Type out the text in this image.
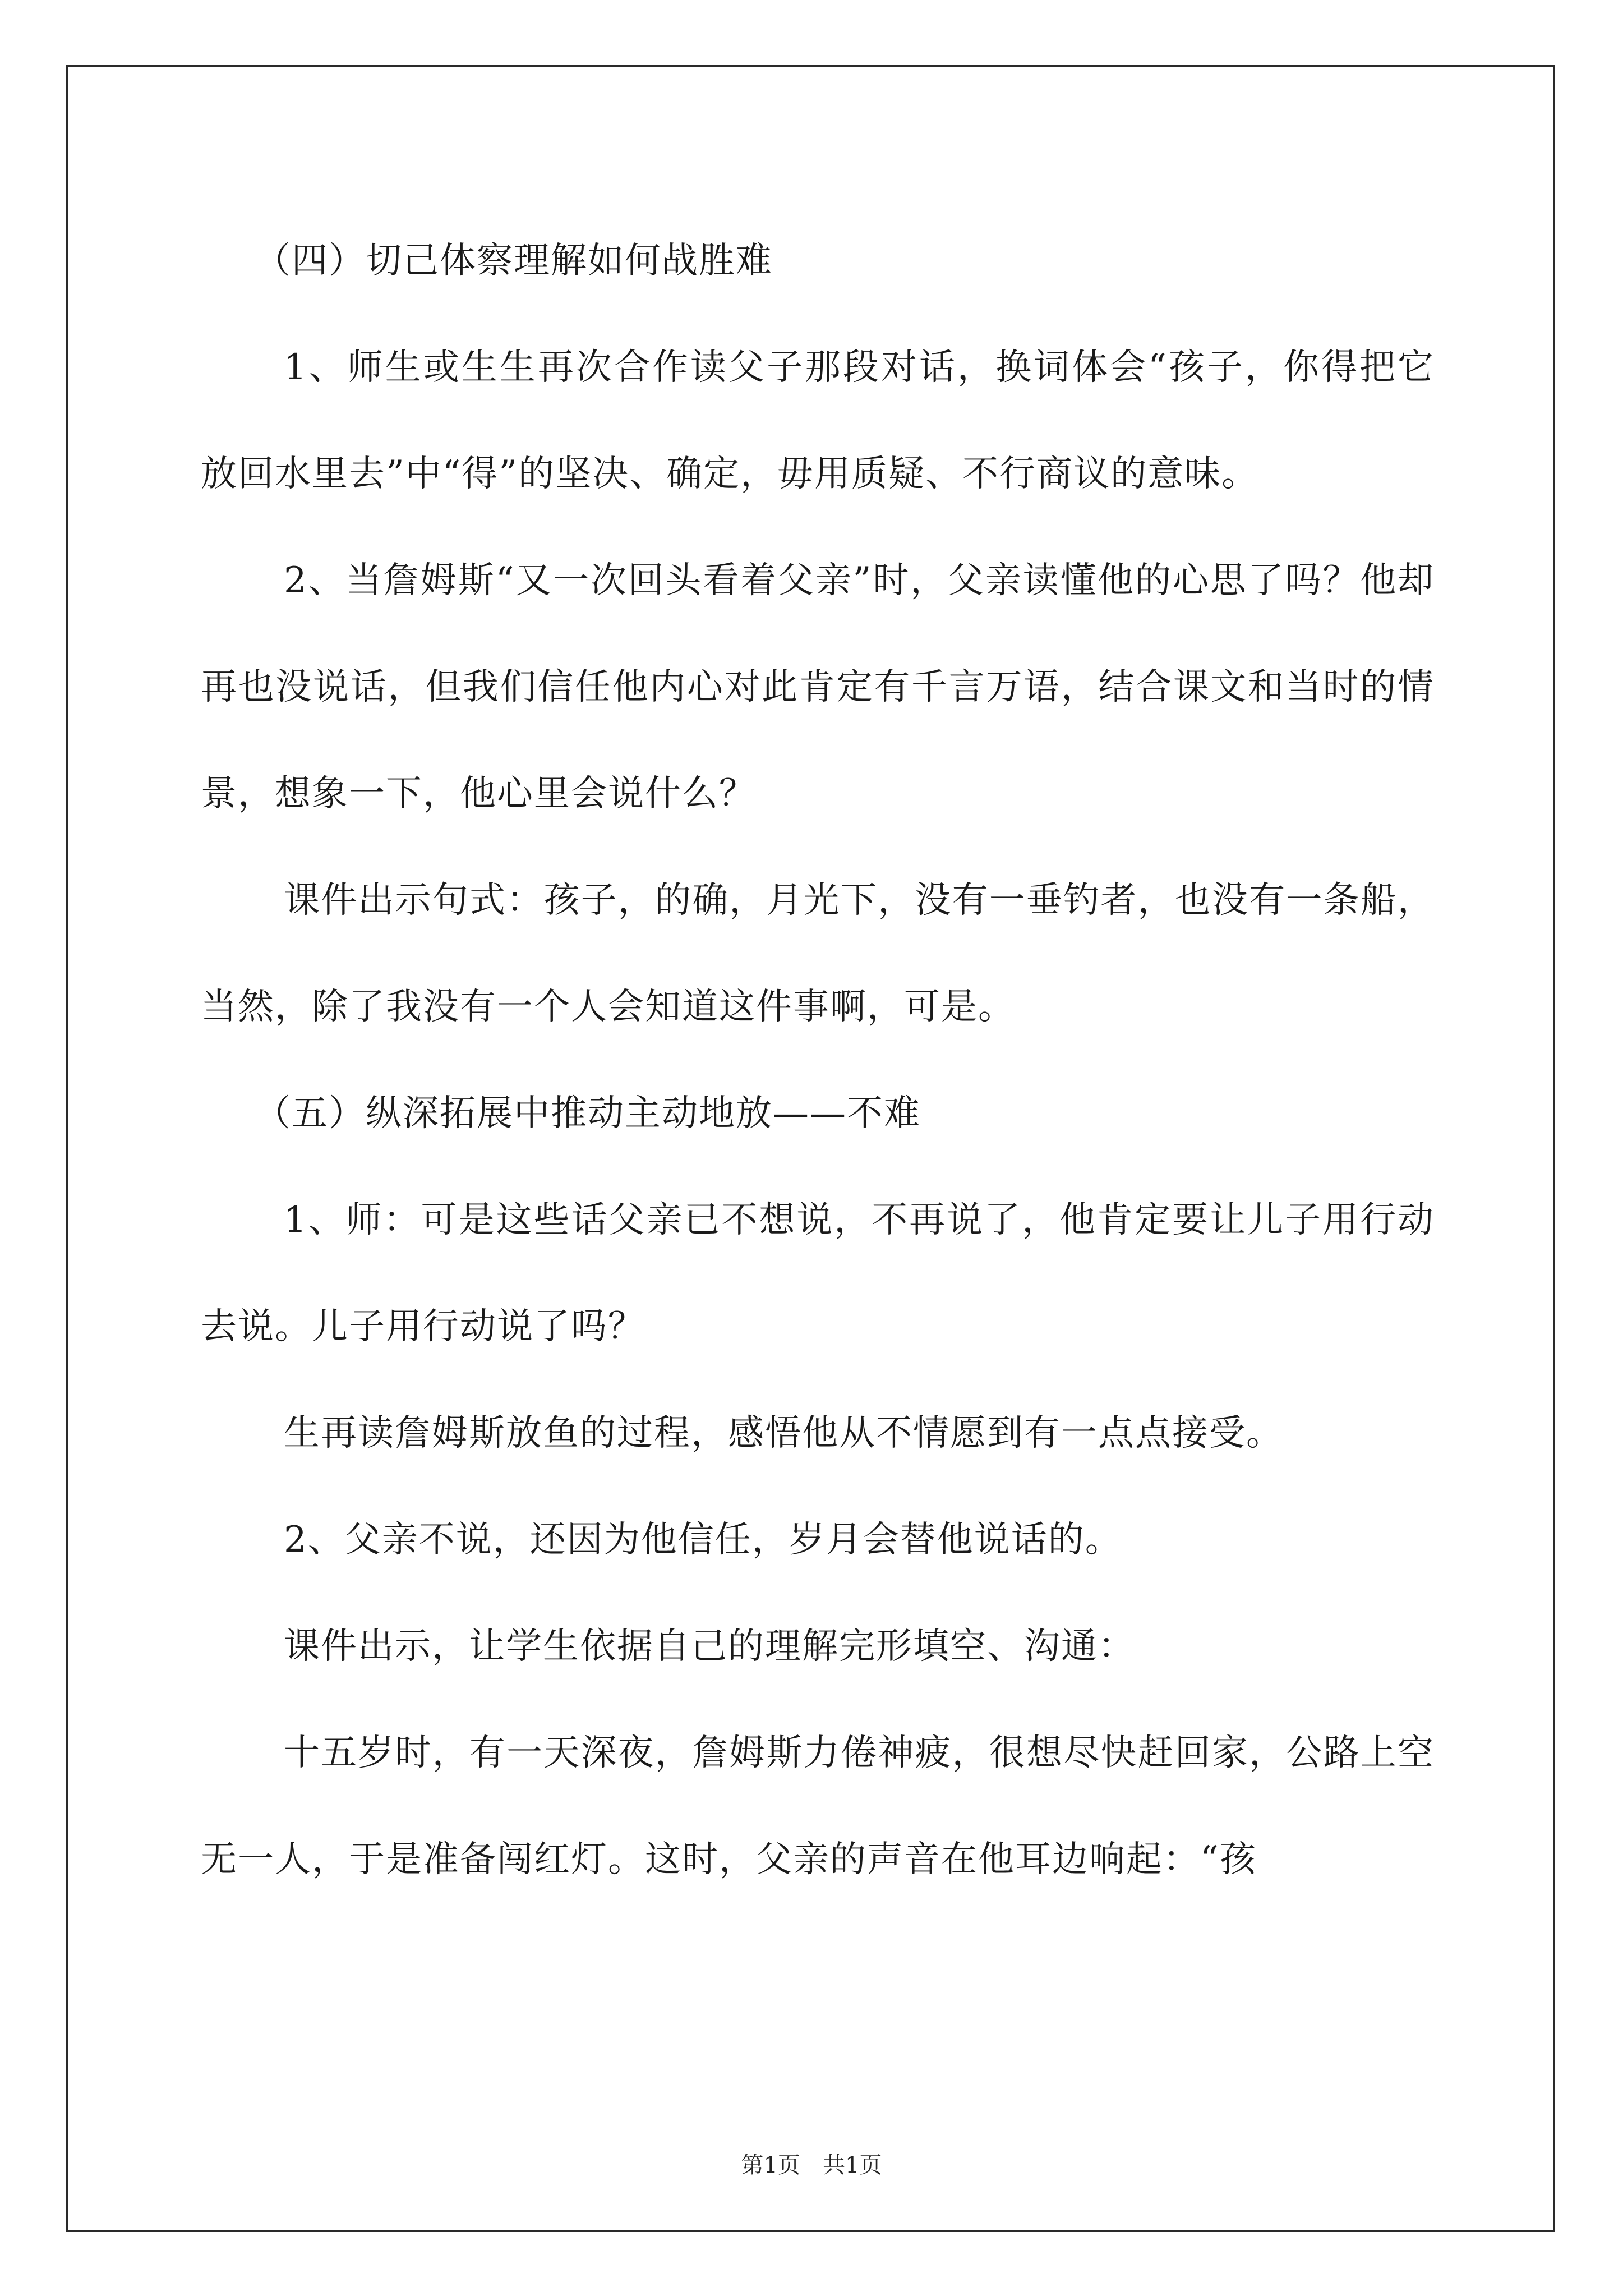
（四）切己体察理解如何战胜难

1、师生或生生再次合作读父子那段对话，换词体会“孩子，你得把它放回水里去”中“得”的坚决、确定，毋用质疑、不行商议的意味。

2、当詹姆斯“又一次回头看着父亲”时，父亲读懂他的心思了吗？他却再也没说话，但我们信任他内心对此肯定有千言万语，结合课文和当时的情景，想象一下，他心里会说什么？

课件出示句式：孩子，的确，月光下，没有一垂钓者，也没有一条船，当然，除了我没有一个人会知道这件事啊，可是。

（五）纵深拓展中推动主动地放——不难

1、师：可是这些话父亲已不想说，不再说了，他肯定要让儿子用行动去说。儿子用行动说了吗？

生再读詹姆斯放鱼的过程，感悟他从不情愿到有一点点接受。

2、父亲不说，还因为他信任，岁月会替他说话的。

课件出示，让学生依据自己的理解完形填空、沟通：

十五岁时，有一天深夜，詹姆斯力倦神疲，很想尽快赶回家，公路上空无一人，于是准备闯红灯。这时，父亲的声音在他耳边响起：“孩

第1页　共1页
